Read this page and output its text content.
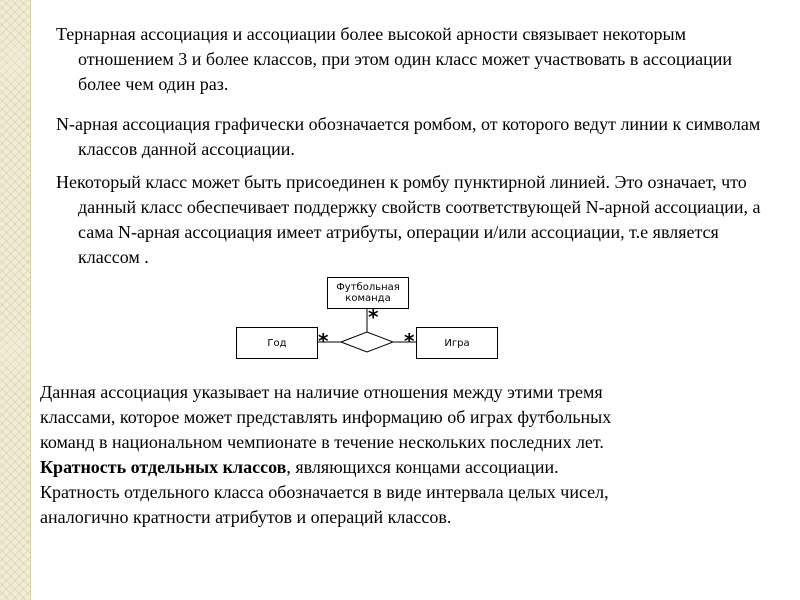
Тернарная ассоциация и ассоциации более высокой арности связывает некоторым отношением 3 и более классов, при этом один класс может участвовать в ассоциации более чем один раз.
N-арная ассоциация графически обозначается ромбом, от которого ведут линии к символам классов данной ассоциации.
Некоторый класс может быть присоединен к ромбу пунктирной линией. Это означает, что данный класс обеспечивает поддержку свойств соответствующей N-арной ассоциации, а сама N-арная ассоциация имеет атрибуты, операции и/или ассоциации, т.е является классом .
Футбольная команда
Год	Игра
*
*	*
Данная ассоциация указывает на наличие отношения между этими тремя
классами, которое может представлять информацию об играх футбольных
команд в национальном чемпионате в течение нескольких последних лет.
Кратность отдельных классов, являющихся концами ассоциации.
Кратность отдельного класса обозначается в виде интервала целых чисел,
аналогично кратности атрибутов и операций классов.
